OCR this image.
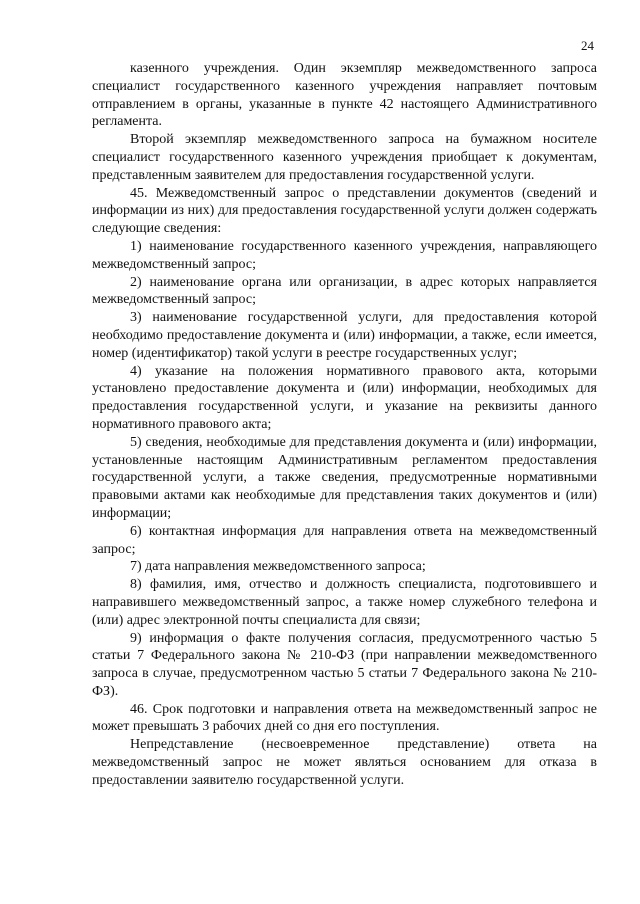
24

казенного учреждения. Один экземпляр межведомственного запроса специалист государственного казенного учреждения направляет почтовым отправлением в органы, указанные в пункте 42 настоящего Административного регламента.

Второй экземпляр межведомственного запроса на бумажном носителе специалист государственного казенного учреждения приобщает к документам, представленным заявителем для предоставления государственной услуги.

45. Межведомственный запрос о представлении документов (сведений и информации из них) для предоставления государственной услуги должен содержать следующие сведения:

1) наименование государственного казенного учреждения, направляющего межведомственный запрос;

2) наименование органа или организации, в адрес которых направляется межведомственный запрос;

3) наименование государственной услуги, для предоставления которой необходимо предоставление документа и (или) информации, а также, если имеется, номер (идентификатор) такой услуги в реестре государственных услуг;

4) указание на положения нормативного правового акта, которыми установлено предоставление документа и (или) информации, необходимых для предоставления государственной услуги, и указание на реквизиты данного нормативного правового акта;

5) сведения, необходимые для представления документа и (или) информации, установленные настоящим Административным регламентом предоставления государственной услуги, а также сведения, предусмотренные нормативными правовыми актами как необходимые для представления таких документов и (или) информации;

6) контактная информация для направления ответа на межведомственный запрос;

7) дата направления межведомственного запроса;

8) фамилия, имя, отчество и должность специалиста, подготовившего и направившего межведомственный запрос, а также номер служебного телефона и (или) адрес электронной почты специалиста для связи;

9) информация о факте получения согласия, предусмотренного частью 5 статьи 7 Федерального закона № 210-ФЗ (при направлении межведомственного запроса в случае, предусмотренном частью 5 статьи 7 Федерального закона № 210-ФЗ).

46. Срок подготовки и направления ответа на межведомственный запрос не может превышать 3 рабочих дней со дня его поступления.

Непредставление (несвоевременное представление) ответа на межведомственный запрос не может являться основанием для отказа в предоставлении заявителю государственной услуги.
